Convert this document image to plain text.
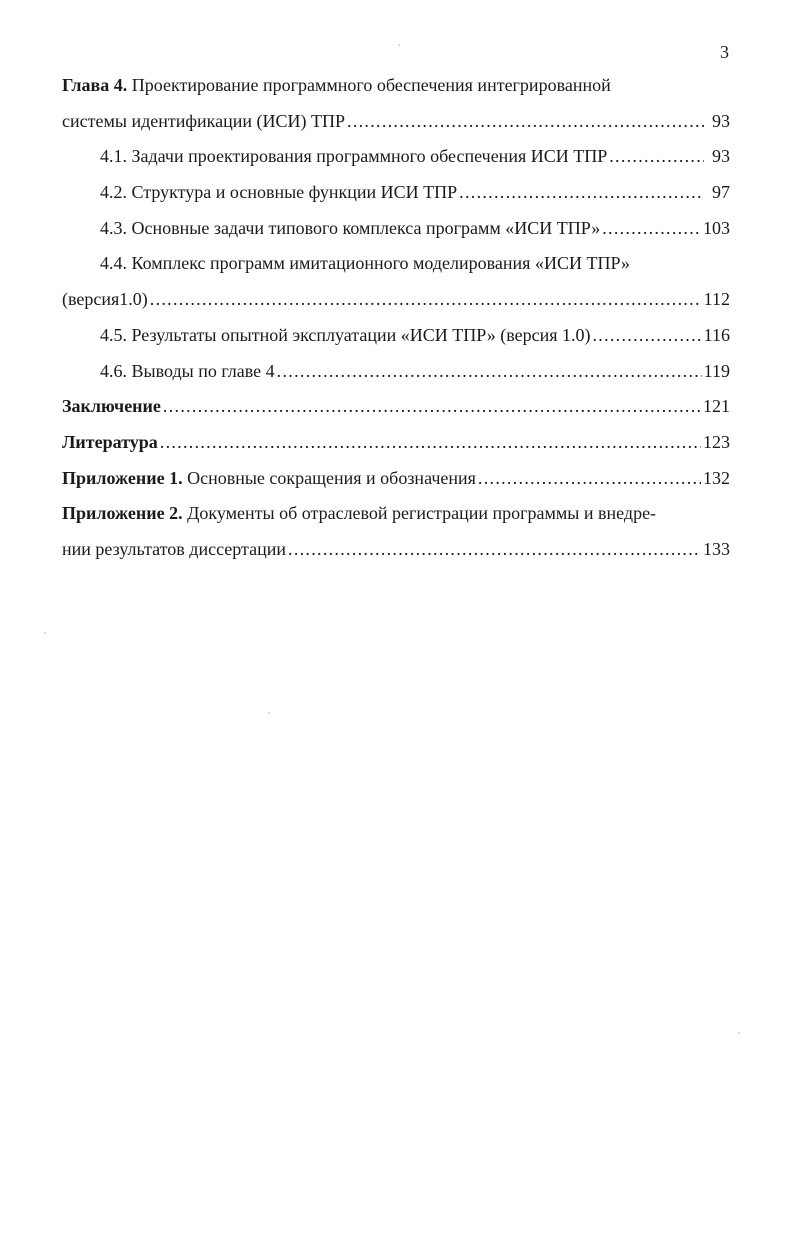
3
Глава 4. Проектирование программного обеспечения интегрированной
системы идентификации (ИСИ) ТПР . . .	93
4.1. Задачи проектирования программного обеспечения ИСИ ТПР . . .	93
4.2. Структура и основные функции ИСИ ТПР . . .	97
4.3. Основные задачи типового комплекса программ «ИСИ ТПР» . . .	103
4.4. Комплекс программ имитационного моделирования «ИСИ ТПР»
(версия1.0) . . .	112
4.5. Результаты опытной эксплуатации «ИСИ ТПР» (версия 1.0) . . .	116
4.6. Выводы по главе 4 . . .	119
Заключение . . .	121
Литература . . .	123
Приложение 1.
Основные сокращения и обозначения . . .	132
Приложение 2. Документы об отраслевой регистрации программы и внедре-
нии результатов диссертации . . .	133
